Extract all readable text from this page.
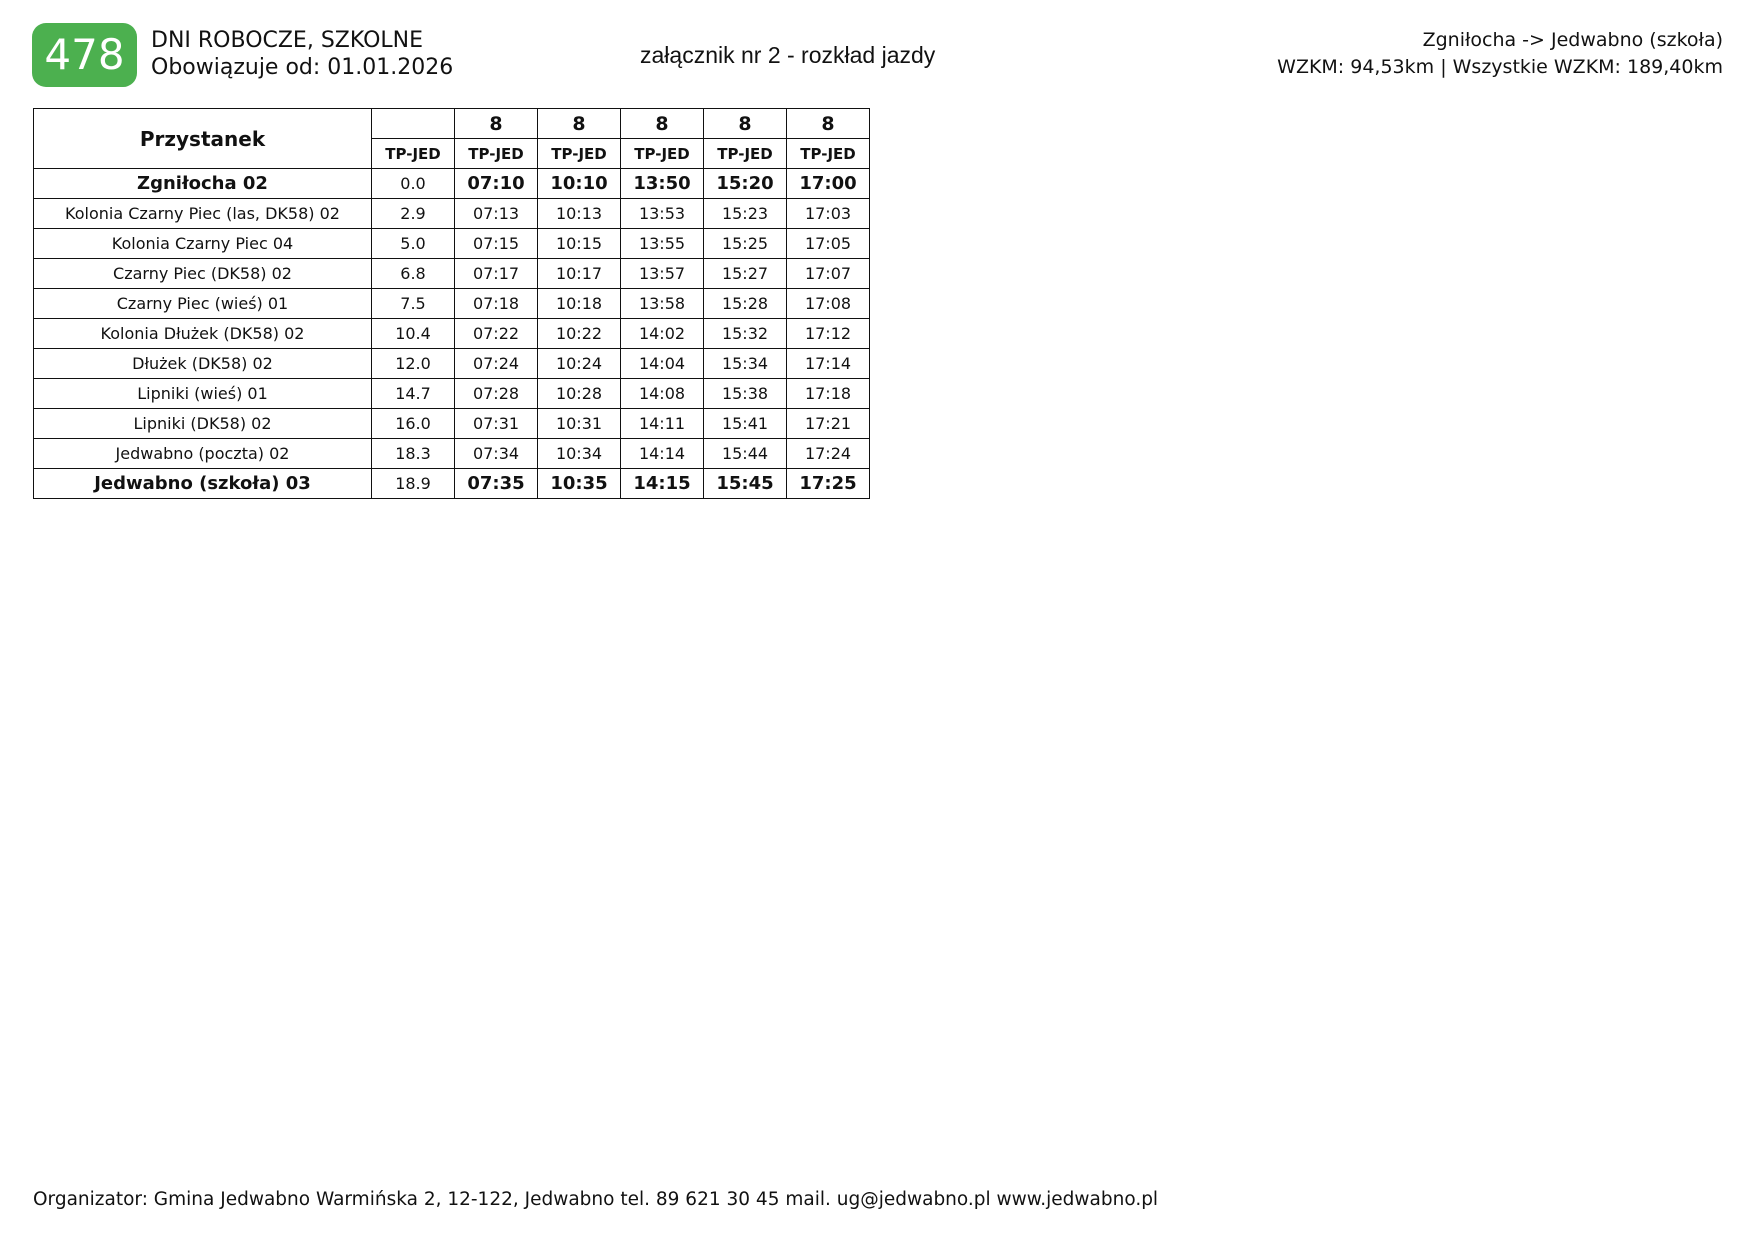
478	DNI ROBOCZE, SZKOLNE
Obowiązuje od: 01.01.2026	załącznik nr 2 - rozkład jazdy
Zgniłocha -> Jedwabno (szkoła)
WZKM: 94,53km | Wszystkie WZKM: 189,40km
Przystanek		8	8	8	8	8
	TP-JED	TP-JED	TP-JED	TP-JED	TP-JED	TP-JED
Zgniłocha 02	0.0	07:10	10:10	13:50	15:20	17:00
Kolonia Czarny Piec (las, DK58) 02	2.9	07:13	10:13	13:53	15:23	17:03
Kolonia Czarny Piec 04	5.0	07:15	10:15	13:55	15:25	17:05
Czarny Piec (DK58) 02	6.8	07:17	10:17	13:57	15:27	17:07
Czarny Piec (wieś) 01	7.5	07:18	10:18	13:58	15:28	17:08
Kolonia Dłużek (DK58) 02	10.4	07:22	10:22	14:02	15:32	17:12
Dłużek (DK58) 02	12.0	07:24	10:24	14:04	15:34	17:14
Lipniki (wieś) 01	14.7	07:28	10:28	14:08	15:38	17:18
Lipniki (DK58) 02	16.0	07:31	10:31	14:11	15:41	17:21
Jedwabno (poczta) 02	18.3	07:34	10:34	14:14	15:44	17:24
Jedwabno (szkoła) 03	18.9	07:35	10:35	14:15	15:45	17:25
Organizator: Gmina Jedwabno Warmińska 2, 12-122, Jedwabno tel. 89 621 30 45 mail. ug@jedwabno.pl www.jedwabno.pl
